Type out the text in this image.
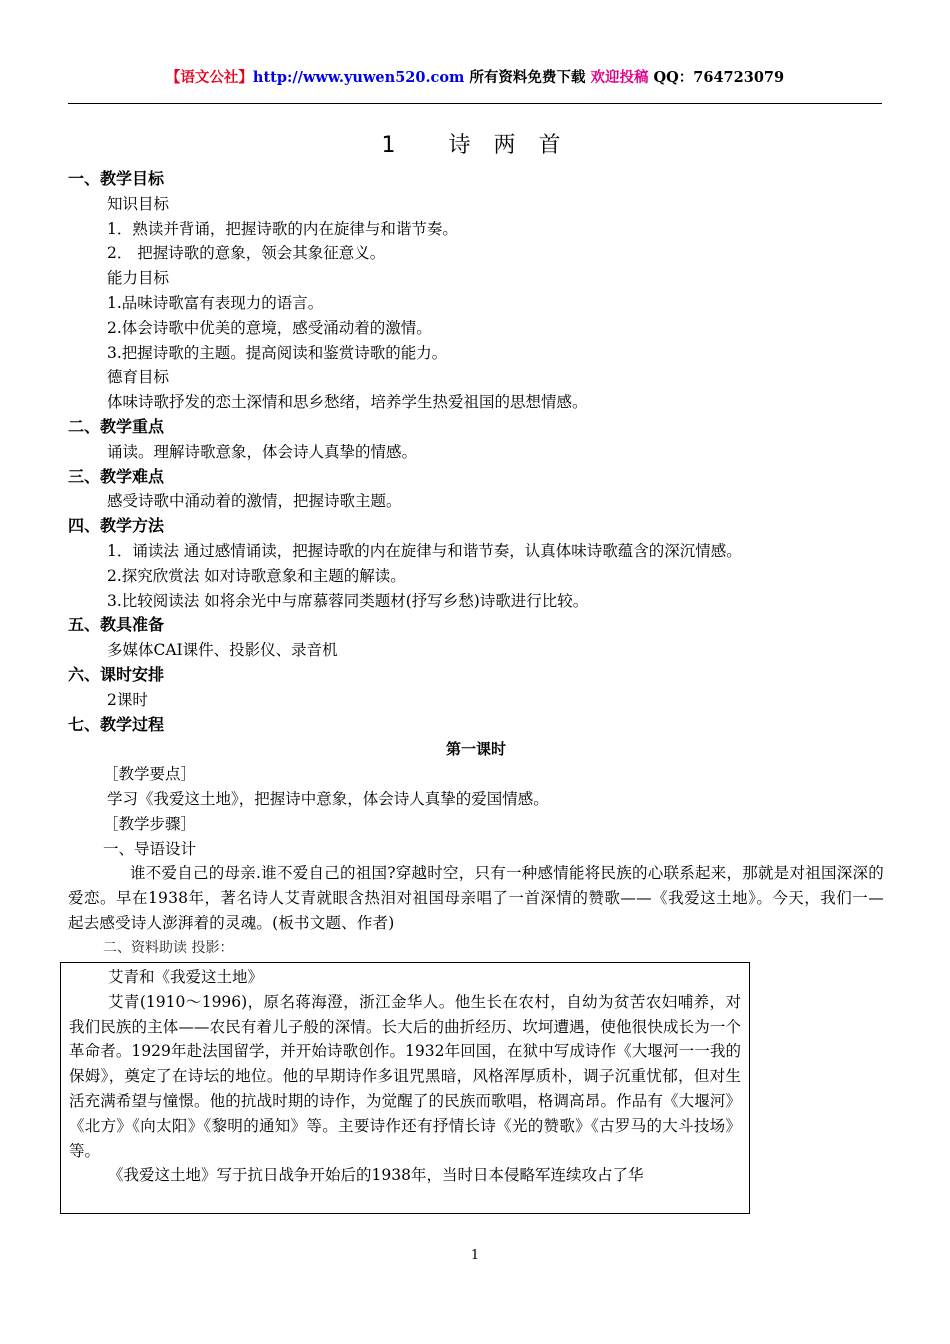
【语文公社】http://www.yuwen520.com 所有资料免费下载 欢迎投稿 QQ：764723079
1   诗 两 首
一、教学目标
知识目标
1．熟读并背诵，把握诗歌的内在旋律与和谐节奏。
2． 把握诗歌的意象，领会其象征意义。
能力目标
1.品味诗歌富有表现力的语言。
2.体会诗歌中优美的意境，感受涌动着的激情。
3.把握诗歌的主题。提高阅读和鉴赏诗歌的能力。
德育目标
体味诗歌抒发的恋土深情和思乡愁绪，培养学生热爱祖国的思想情感。
二、教学重点
诵读。理解诗歌意象，体会诗人真挚的情感。
三、教学难点
感受诗歌中涌动着的激情，把握诗歌主题。
四、教学方法
1．诵读法 通过感情诵读，把握诗歌的内在旋律与和谐节奏，认真体味诗歌蕴含的深沉情感。
2.探究欣赏法 如对诗歌意象和主题的解读。
3.比较阅读法 如将余光中与席慕蓉同类题材(抒写乡愁)诗歌进行比较。
五、教具准备
多媒体CAI课件、投影仪、录音机
六、课时安排
2课时
七、教学过程
第一课时
［教学要点］
学习《我爱这土地》，把握诗中意象，体会诗人真挚的爱国情感。
［教学步骤］
一、导语设计
谁不爱自己的母亲.谁不爱自己的祖国?穿越时空，只有一种感情能将民族的心联系起来，那就是对祖国深深的爱恋。早在1938年，著名诗人艾青就眼含热泪对祖国母亲唱了一首深情的赞歌——《我爱这土地》。今天，我们一—起去感受诗人澎湃着的灵魂。(板书文题、作者)
二、资料助读 投影：
艾青和《我爱这土地》
艾青(1910～1996)，原名蒋海澄，浙江金华人。他生长在农村，自幼为贫苦农妇哺养，对我们民族的主体——农民有着儿子般的深情。长大后的曲折经历、坎坷遭遇，使他很快成长为一个革命者。1929年赴法国留学，并开始诗歌创作。1932年回国，在狱中写成诗作《大堰河一一我的保姆》，奠定了在诗坛的地位。他的早期诗作多诅咒黑暗，风格浑厚质朴，调子沉重忧郁，但对生活充满希望与憧憬。他的抗战时期的诗作，为觉醒了的民族而歌唱，格调高昂。作品有《大堰河》《北方》《向太阳》《黎明的通知》等。主要诗作还有抒情长诗《光的赞歌》《古罗马的大斗技场》等。
《我爱这土地》写于抗日战争开始后的1938年，当时日本侵略军连续攻占了华
1
